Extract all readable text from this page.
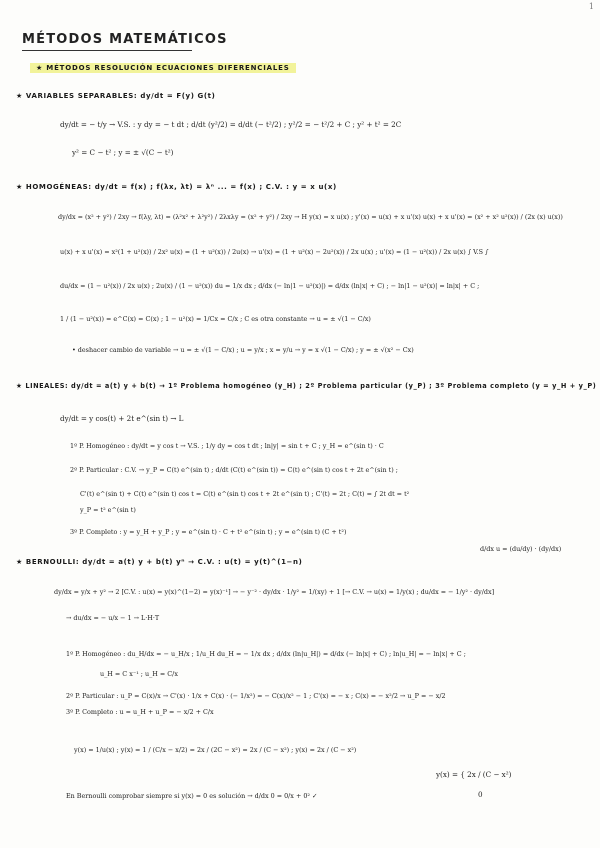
1
MÉTODOS MATEMÁTICOS
★ MÉTODOS RESOLUCIÓN ECUACIONES DIFERENCIALES
★ VARIABLES SEPARABLES: dy/dt = F(y) G(t)
dy/dt = − t/y → V.S. : y dy = − t dt ; d/dt (y²/2) = d/dt (− t²/2) ; y²/2 = − t²/2 + C ; y² + t² = 2C
y² = C − t² ; y = ± √(C − t²)
★ HOMOGÉNEAS: dy/dt = f(x) ; f(λx, λt) = λⁿ ... = f(x) ; C.V. : y = x u(x)
dy/dx = (x² + y²) / 2xy → f(λy, λt) = (λ²x² + λ²y²) / 2λxλy = (x² + y²) / 2xy → H y(x) = x u(x) ; y'(x) = u(x) + x u'(x) u(x) + x u'(x) = (x² + x² u²(x)) / (2x (x) u(x))
u(x) + x u'(x) = x²(1 + u²(x)) / 2x² u(x) = (1 + u²(x)) / 2u(x) → u'(x) = (1 + u²(x) − 2u²(x)) / 2x u(x) ; u'(x) = (1 − u²(x)) / 2x u(x) ∫ V.S ∫
du/dx = (1 − u²(x)) / 2x u(x) ; 2u(x) / (1 − u²(x)) du = 1/x dx ; d/dx (− ln|1 − u²(x)|) = d/dx (ln|x| + C) ; − ln|1 − u²(x)| = ln|x| + C ;
1 / (1 − u²(x)) = e^C(x) = C(x) ; 1 − u²(x) = 1/Cx = C/x ; C es otra constante → u = ± √(1 − C/x)
• deshacer cambio de variable → u = ± √(1 − C/x) ; u = y/x ; x = y/u → y = x √(1 − C/x) ; y = ± √(x² − Cx)
★ LINEALES: dy/dt = a(t) y + b(t) → 1º Problema homogéneo (y_H) ; 2º Problema particular (y_P) ; 3º Problema completo (y = y_H + y_P)
dy/dt = y cos(t) + 2t e^(sin t) → L
1º P. Homogéneo : dy/dt = y cos t → V.S. ; 1/y dy = cos t dt ; ln|y| = sin t + C ; y_H = e^(sin t) · C
2º P. Particular : C.V. → y_P = C(t) e^(sin t) ; d/dt (C(t) e^(sin t)) = C(t) e^(sin t) cos t + 2t e^(sin t) ;
C'(t) e^(sin t) + C(t) e^(sin t) cos t = C(t) e^(sin t) cos t + 2t e^(sin t) ; C'(t) = 2t ; C(t) = ∫ 2t dt = t²
y_P = t² e^(sin t)
3º P. Completo : y = y_H + y_P ; y = e^(sin t) · C + t² e^(sin t) ; y = e^(sin t) (C + t²)
★ BERNOULLI: dy/dt = a(t) y + b(t) yⁿ → C.V. : u(t) = y(t)^(1−n)
d/dx u = (du/dy) · (dy/dx)
dy/dx = y/x + y² → 2 [C.V. : u(x) = y(x)^(1−2) = y(x)⁻¹] → − y⁻² · dy/dx · 1/y² = 1/(xy) + 1 [→ C.V. → u(x) = 1/y(x) ; du/dx = − 1/y² · dy/dx]
→ du/dx = − u/x − 1 → L·H·T
1º P. Homogéneo : du_H/dx = − u_H/x ; 1/u_H du_H = − 1/x dx ; d/dx (ln|u_H|) = d/dx (− ln|x| + C) ; ln|u_H| = − ln|x| + C ;
u_H = C x⁻¹ ; u_H = C/x
2º P. Particular : u_P = C(x)/x → C'(x) · 1/x + C(x) · (− 1/x²) = − C(x)/x² − 1 ; C'(x) = − x ; C(x) = − x²/2 → u_P = − x/2
3º P. Completo : u = u_H + u_P = − x/2 + C/x
y(x) = 1/u(x) ; y(x) = 1 / (C/x − x/2) = 2x / (2C − x²) = 2x / (C − x²) ; y(x) = 2x / (C − x²)
En Bernoulli comprobar siempre si y(x) = 0 es solución → d/dx 0 = 0/x + 0² ✓
y(x) = { 2x / (C − x²)
0
